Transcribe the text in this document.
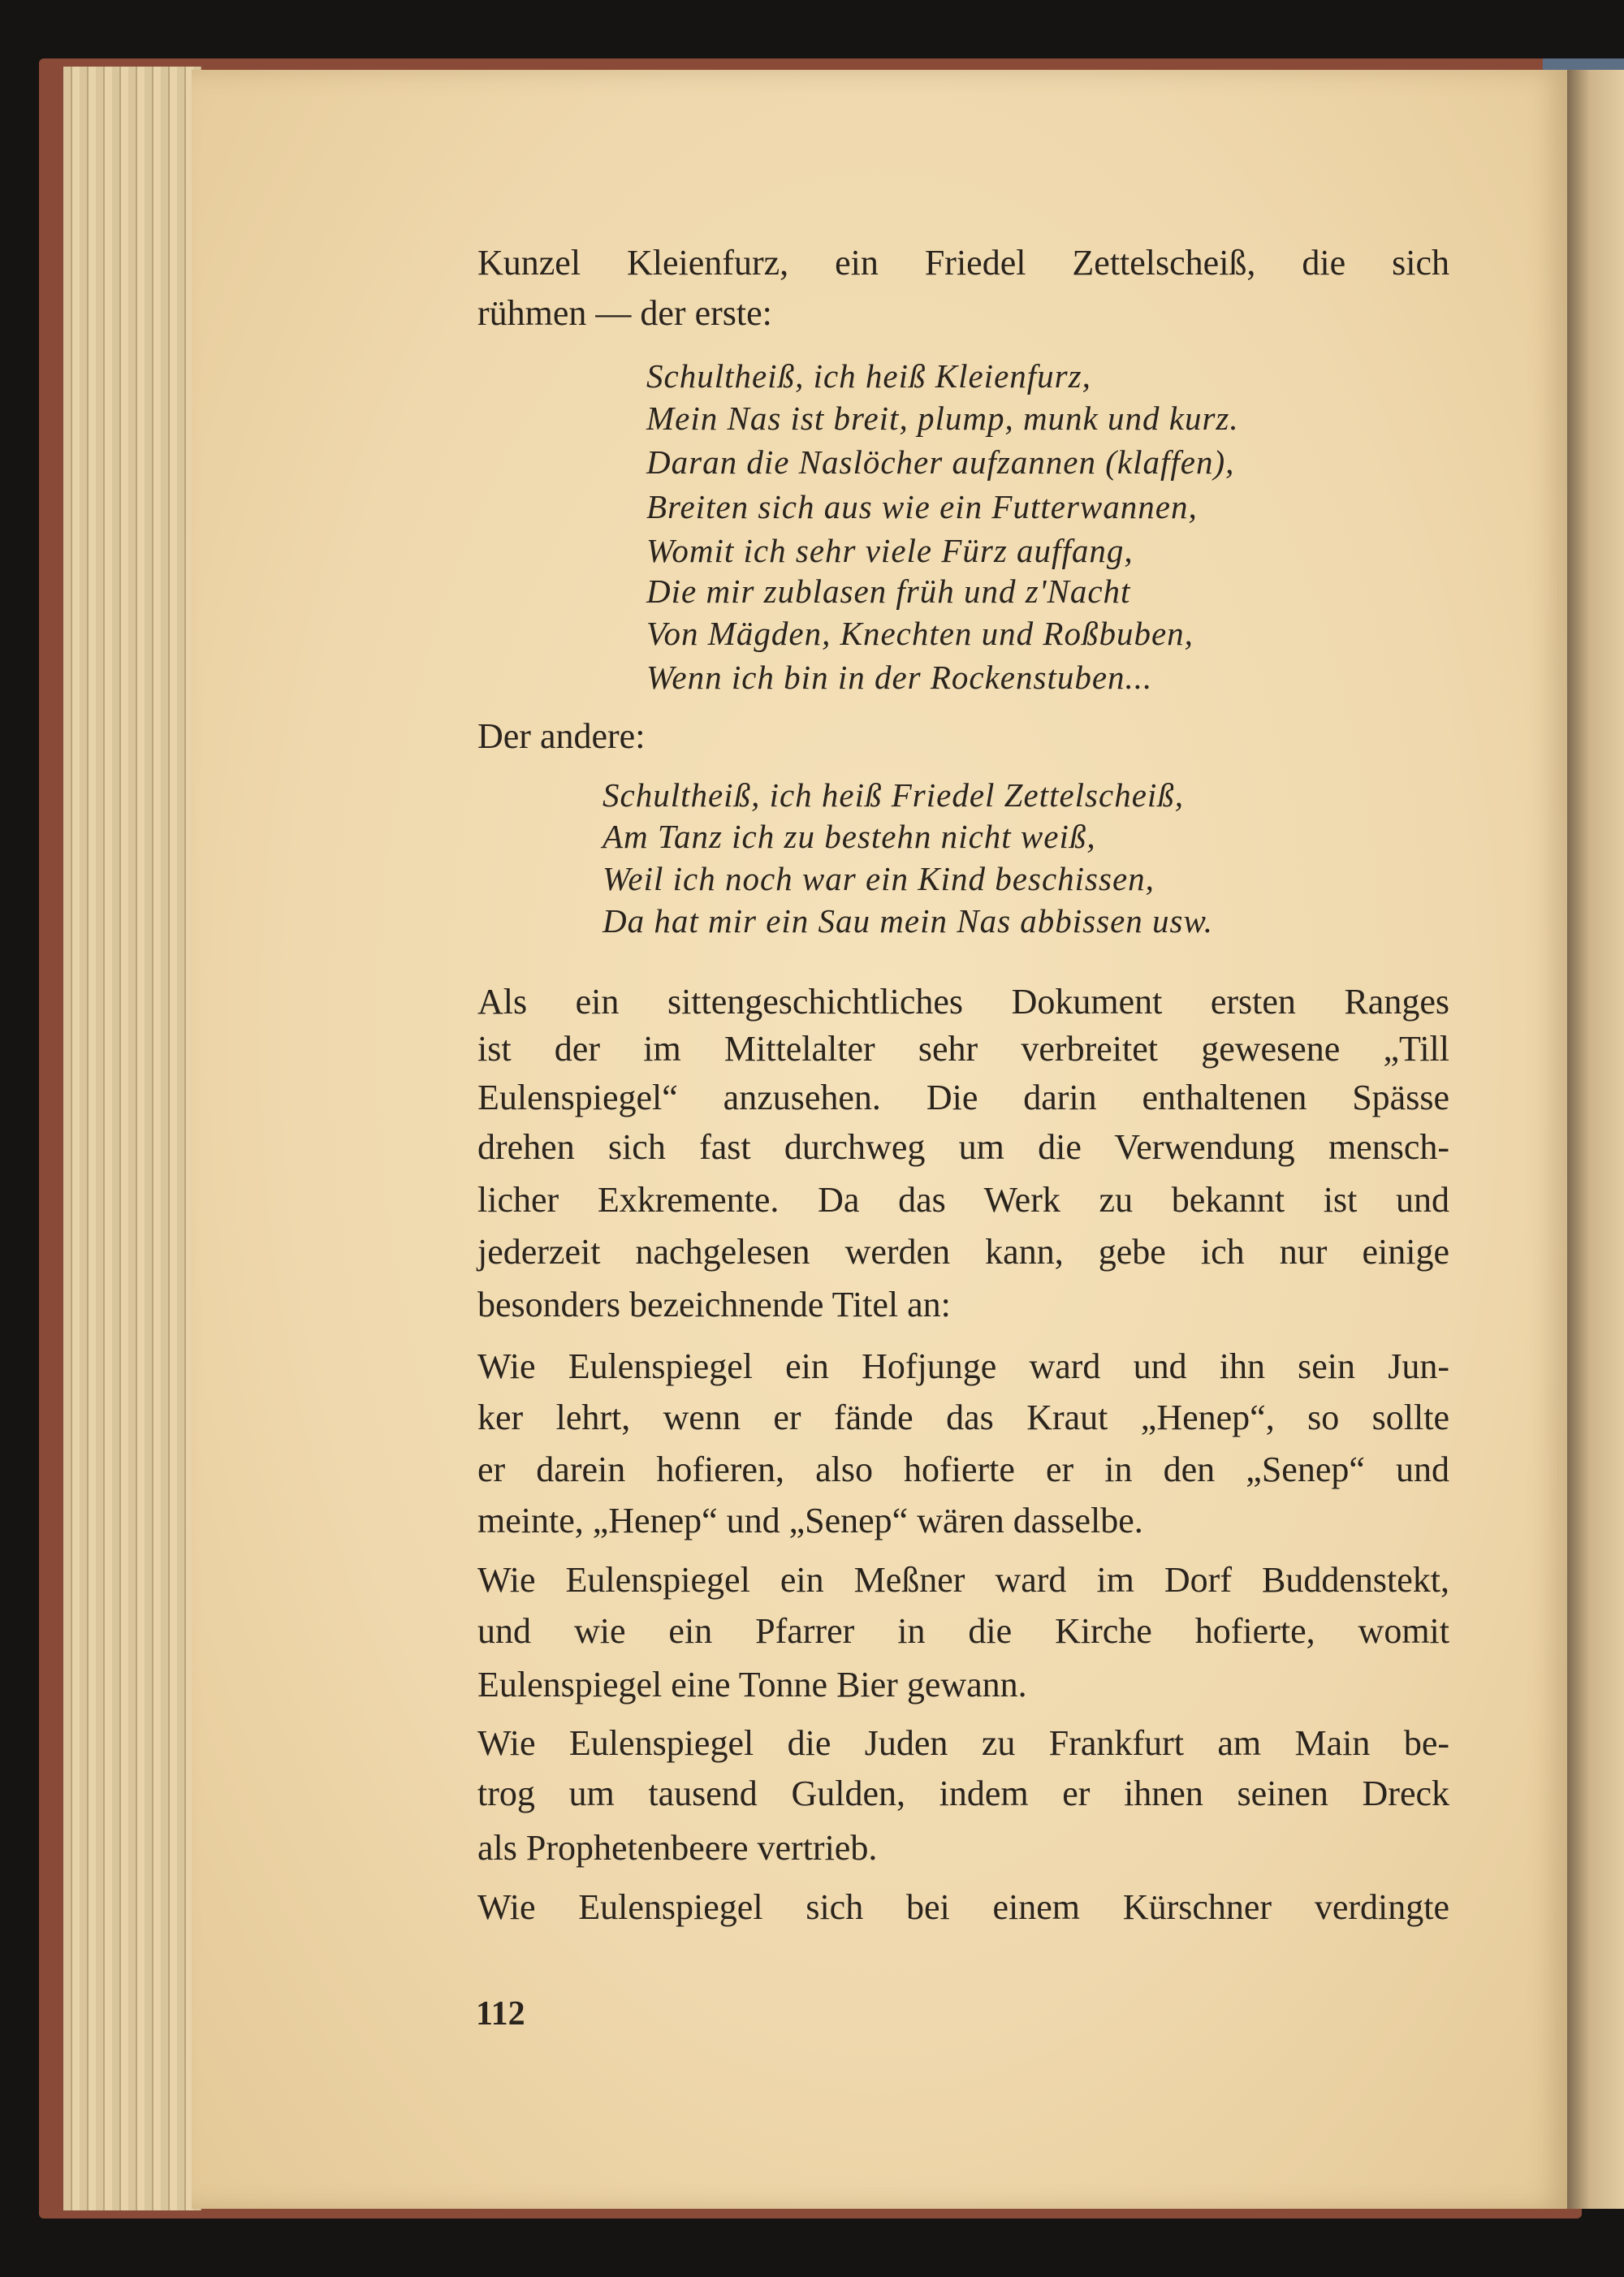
Kunzel Kleienfurz, ein Friedel Zettelscheiß, die sich
rühmen — der erste:
Schultheiß, ich heiß Kleienfurz,
Mein Nas ist breit, plump, munk und kurz.
Daran die Naslöcher aufzannen (klaffen),
Breiten sich aus wie ein Futterwannen,
Womit ich sehr viele Fürz auffang,
Die mir zublasen früh und z'Nacht
Von Mägden, Knechten und Roßbuben,
Wenn ich bin in der Rockenstuben...
Der andere:
Schultheiß, ich heiß Friedel Zettelscheiß,
Am Tanz ich zu bestehn nicht weiß,
Weil ich noch war ein Kind beschissen,
Da hat mir ein Sau mein Nas abbissen usw.
Als ein sittengeschichtliches Dokument ersten Ranges
ist der im Mittelalter sehr verbreitet gewesene „Till
Eulenspiegel“ anzusehen. Die darin enthaltenen Spässe
drehen sich fast durchweg um die Verwendung mensch-
licher Exkremente. Da das Werk zu bekannt ist und
jederzeit nachgelesen werden kann, gebe ich nur einige
besonders bezeichnende Titel an:
Wie Eulenspiegel ein Hofjunge ward und ihn sein Jun-
ker lehrt, wenn er fände das Kraut „Henep“, so sollte
er darein hofieren, also hofierte er in den „Senep“ und
meinte, „Henep“ und „Senep“ wären dasselbe.
Wie Eulenspiegel ein Meßner ward im Dorf Buddenstekt,
und wie ein Pfarrer in die Kirche hofierte, womit
Eulenspiegel eine Tonne Bier gewann.
Wie Eulenspiegel die Juden zu Frankfurt am Main be-
trog um tausend Gulden, indem er ihnen seinen Dreck
als Prophetenbeere vertrieb.
Wie Eulenspiegel sich bei einem Kürschner verdingte
112
